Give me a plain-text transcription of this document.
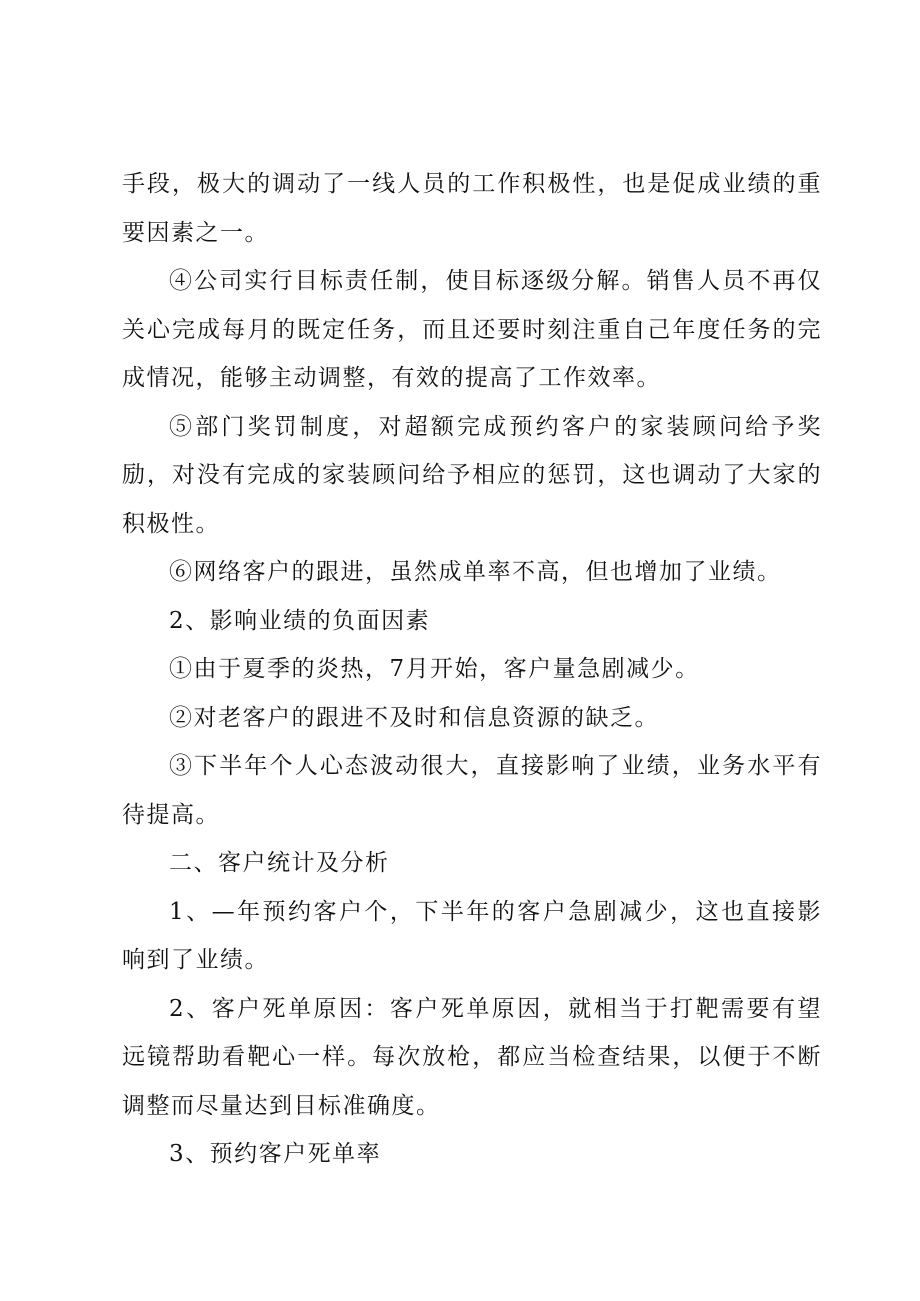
手段，极大的调动了一线人员的工作积极性，也是促成业绩的重要因素之一。

④公司实行目标责任制，使目标逐级分解。销售人员不再仅关心完成每月的既定任务，而且还要时刻注重自己年度任务的完成情况，能够主动调整，有效的提高了工作效率。

⑤部门奖罚制度，对超额完成预约客户的家装顾问给予奖励，对没有完成的家装顾问给予相应的惩罚，这也调动了大家的积极性。

⑥网络客户的跟进，虽然成单率不高，但也增加了业绩。

2、影响业绩的负面因素

①由于夏季的炎热，7月开始，客户量急剧减少。

②对老客户的跟进不及时和信息资源的缺乏。

③下半年个人心态波动很大，直接影响了业绩，业务水平有待提高。

二、客户统计及分析

1、—年预约客户个，下半年的客户急剧减少，这也直接影响到了业绩。

2、客户死单原因：客户死单原因，就相当于打靶需要有望远镜帮助看靶心一样。每次放枪，都应当检查结果，以便于不断调整而尽量达到目标准确度。

3、预约客户死单率
